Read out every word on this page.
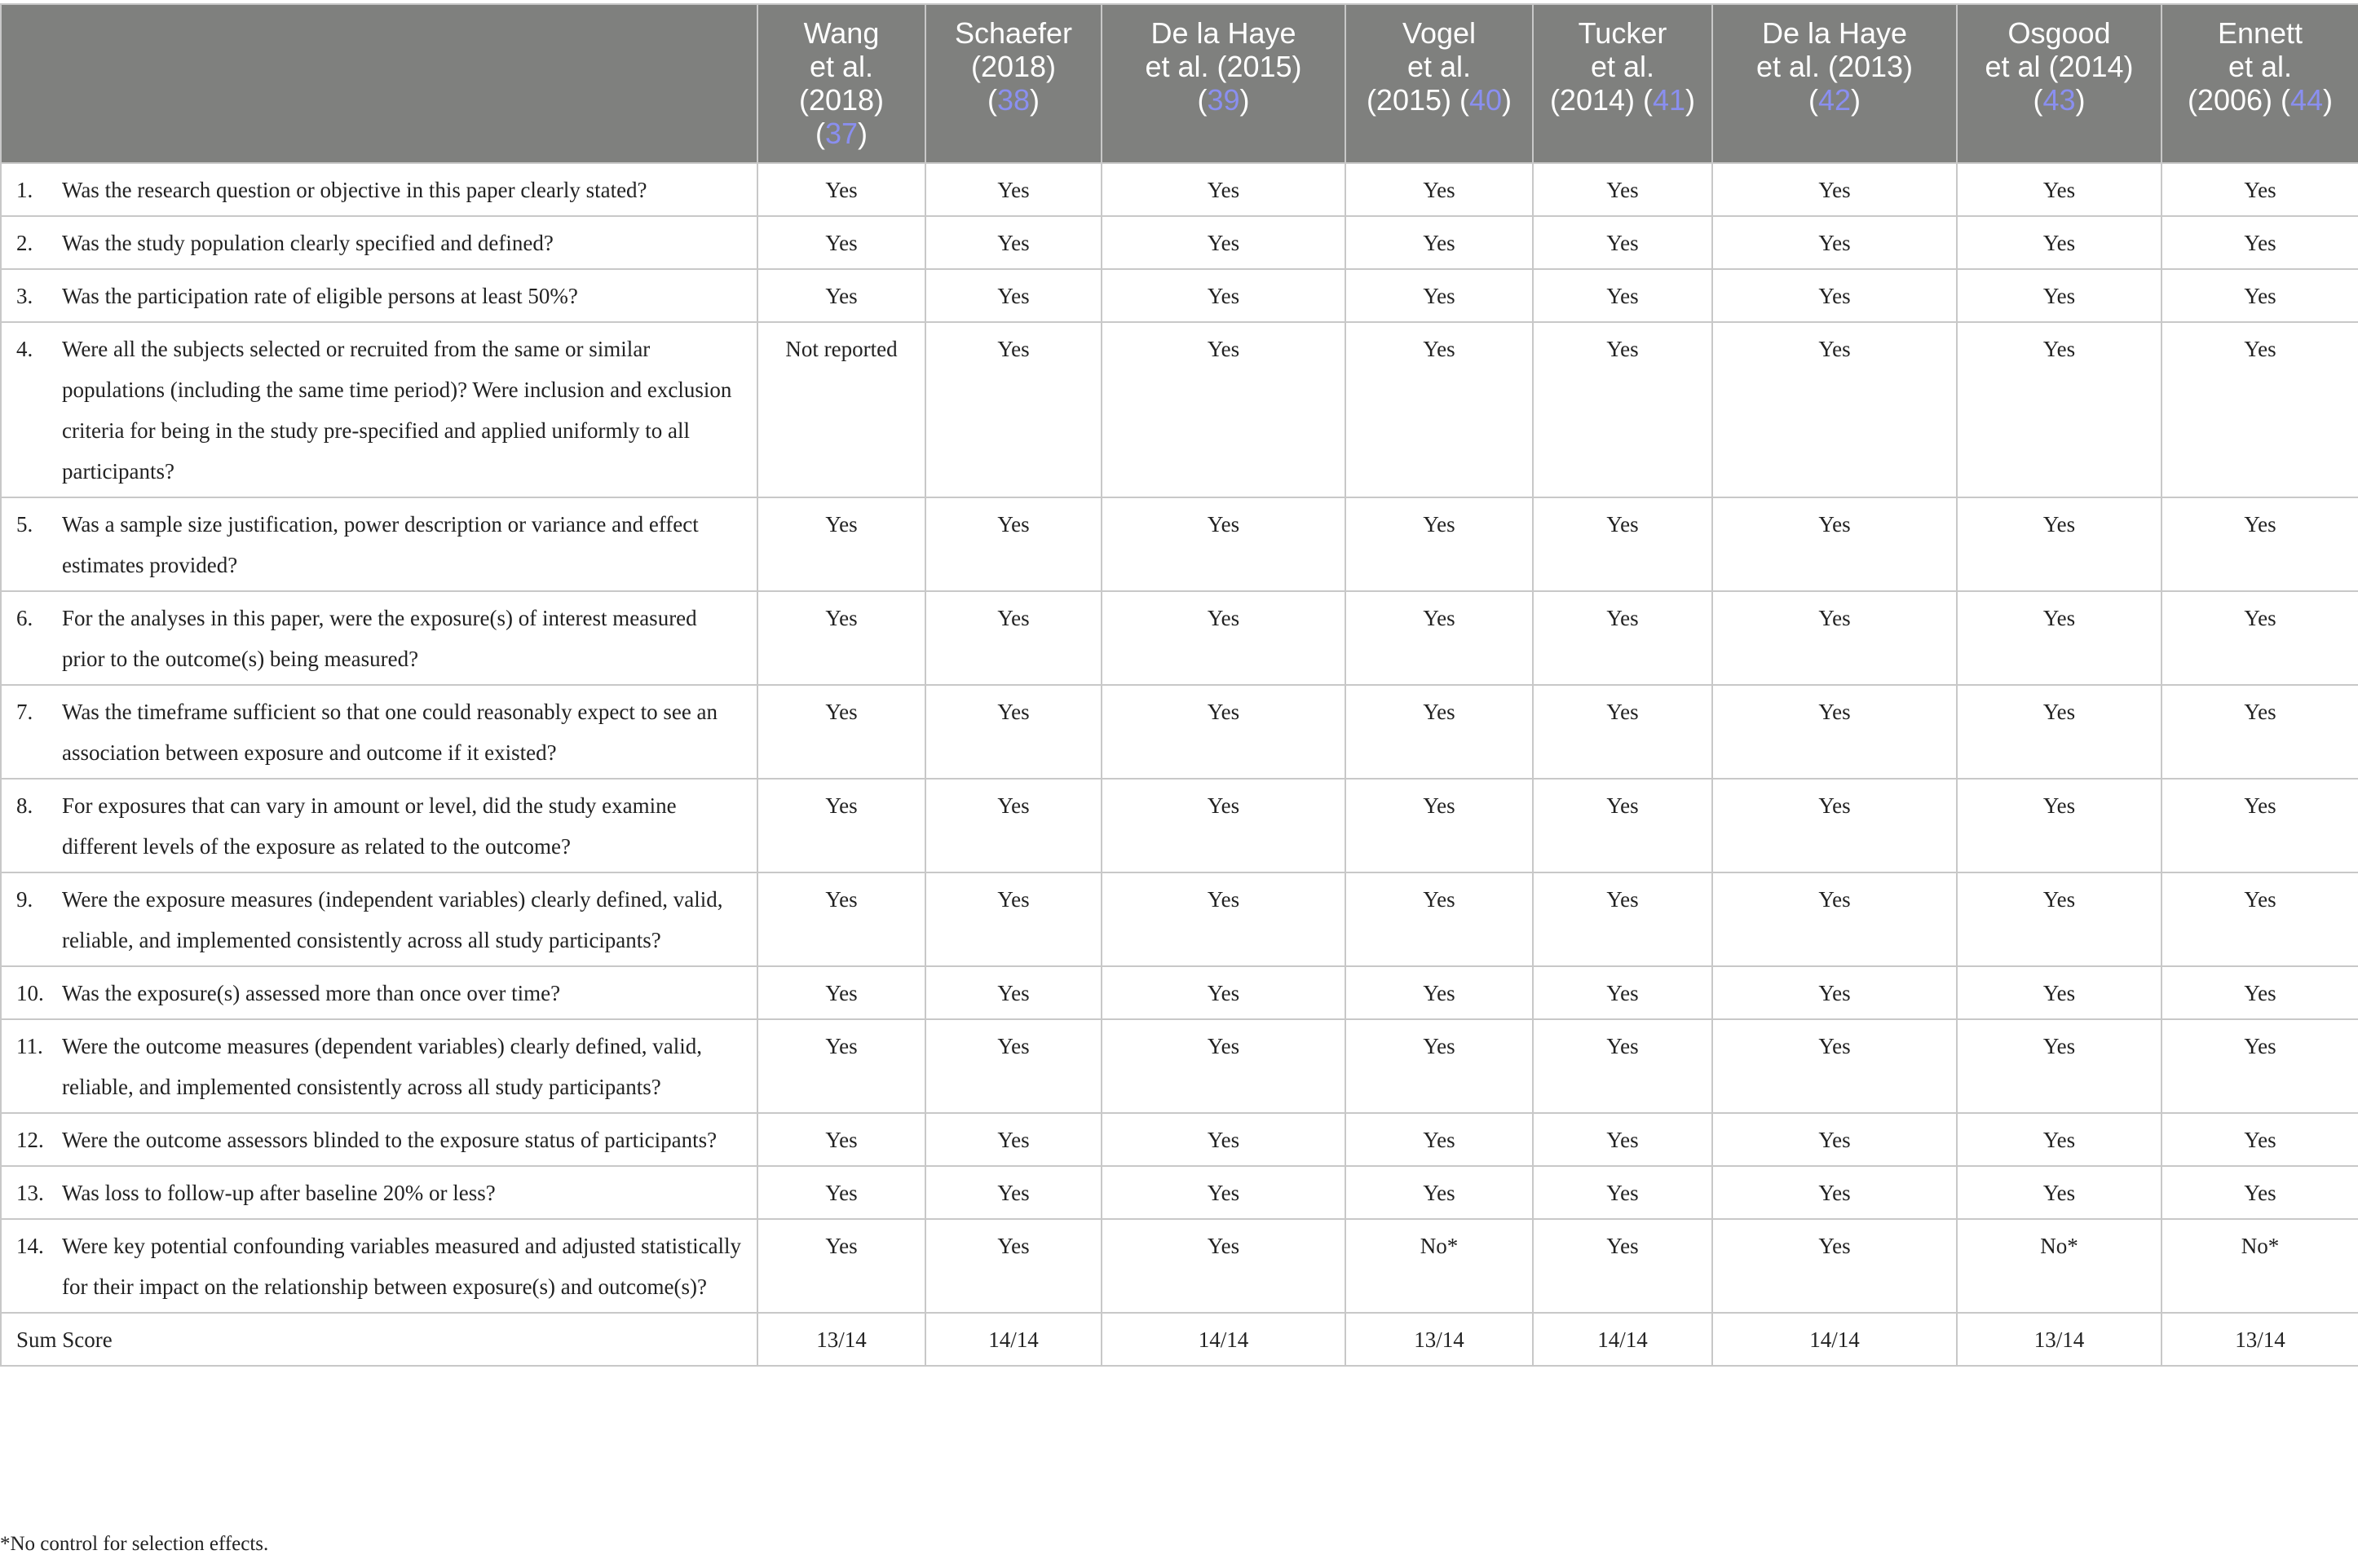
	Wang
et al.
(2018)
(37)	Schaefer
(2018)
(38)	De la Haye
et al. (2015)
(39)	Vogel
et al.
(2015) (40)	Tucker
et al.
(2014) (41)	De la Haye
et al. (2013)
(42)	Osgood
et al (2014)
(43)	Ennett
et al.
(2006) (44)

1. Was the research question or objective in this paper clearly stated?	Yes	Yes	Yes	Yes	Yes	Yes	Yes	Yes

2. Was the study population clearly specified and defined?	Yes	Yes	Yes	Yes	Yes	Yes	Yes	Yes

3. Was the participation rate of eligible persons at least 50%?	Yes	Yes	Yes	Yes	Yes	Yes	Yes	Yes

4. Were all the subjects selected or recruited from the same or similar populations (including the same time period)? Were inclusion and exclusion criteria for being in the study pre-specified and applied uniformly to all participants?	Not reported	Yes	Yes	Yes	Yes	Yes	Yes	Yes

5. Was a sample size justification, power description or variance and effect estimates provided?	Yes	Yes	Yes	Yes	Yes	Yes	Yes	Yes

6. For the analyses in this paper, were the exposure(s) of interest measured prior to the outcome(s) being measured?	Yes	Yes	Yes	Yes	Yes	Yes	Yes	Yes

7. Was the timeframe sufficient so that one could reasonably expect to see an association between exposure and outcome if it existed?	Yes	Yes	Yes	Yes	Yes	Yes	Yes	Yes

8. For exposures that can vary in amount or level, did the study examine different levels of the exposure as related to the outcome?	Yes	Yes	Yes	Yes	Yes	Yes	Yes	Yes

9. Were the exposure measures (independent variables) clearly defined, valid, reliable, and implemented consistently across all study participants?	Yes	Yes	Yes	Yes	Yes	Yes	Yes	Yes

10. Was the exposure(s) assessed more than once over time?	Yes	Yes	Yes	Yes	Yes	Yes	Yes	Yes

11. Were the outcome measures (dependent variables) clearly defined, valid, reliable, and implemented consistently across all study participants?	Yes	Yes	Yes	Yes	Yes	Yes	Yes	Yes

12. Were the outcome assessors blinded to the exposure status of participants?	Yes	Yes	Yes	Yes	Yes	Yes	Yes	Yes

13. Was loss to follow-up after baseline 20% or less?	Yes	Yes	Yes	Yes	Yes	Yes	Yes	Yes

14. Were key potential confounding variables measured and adjusted statistically for their impact on the relationship between exposure(s) and outcome(s)?	Yes	Yes	Yes	No*	Yes	Yes	No*	No*
Sum Score	13/14	14/14	14/14	13/14	14/14	14/14	13/14	13/14
*No control for selection effects.
